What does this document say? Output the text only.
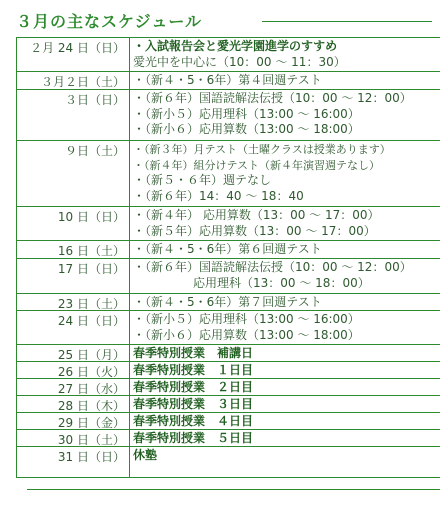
３月の主なスケジュール
２月 24 日（日） ・入試報告会と愛光学園進学のすすめ
愛光中を中心に（10：00 〜 11：30）
３月２日（土） ・（新４・5・6年）第４回週テスト
３日（日） ・（新６年）国語読解法伝授（10：00 〜 12：00）
・（新小５）応用理科（13:00 〜 16:00）
・（新小６）応用算数（13:00 〜 18:00）
９日（土） ・（新３年）月テスト（土曜クラスは授業あります）
・（新４年）組分けテスト（新４年演習週テなし）
・（新５・６年）週テなし
・（新６年）14：40 〜 18：40
10 日（日） ・（新４年） 応用算数（13：00 〜 17：00）
・（新５年）応用算数（13：00 〜 17：00）
16 日（土） ・（新４・5・6年）第６回週テスト
17 日（日） ・（新６年）国語読解法伝授（10：00 〜 12：00）
応用理科（13：00 〜 18：00）
23 日（土） ・（新４・5・6年）第７回週テスト
24 日（日） ・（新小５）応用理科（13:00 〜 16:00）
・（新小６）応用算数（13:00 〜 18:00）
25 日（月） 春季特別授業　補講日
26 日（火） 春季特別授業　１日目
27 日（水） 春季特別授業　２日目
28 日（木） 春季特別授業　３日目
29 日（金） 春季特別授業　４日目
30 日（土） 春季特別授業　５日目
31 日（日） 休塾
